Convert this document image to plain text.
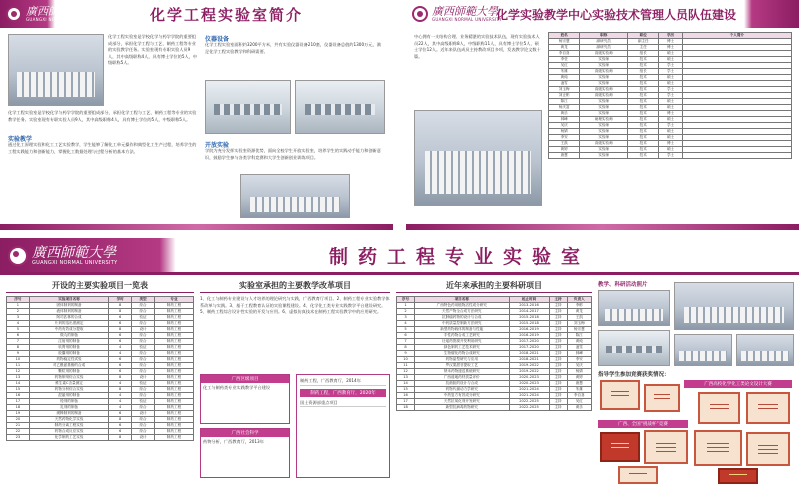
廣西師範大學
GUANGXI NORMAL UNIVERSITY	化学工程实验室简介
化学工程实验室是学校化学与药学学院的重要组成部分，承担化学工程与工艺、制药工程等专业的实验教学任务。实验室现有专职实验人员9人，其中高级职称4人，具有博士学位的5人，中级职称5人。
化学工程实验室是学校化学与药学学院的重要组成部分，承担化学工程与工艺、制药工程等专业的实验教学任务。实验室现有专职实验人员9人，其中高级职称4人，具有博士学位的5人，中级职称5人。
实验教学
通过化工原理实验和化工工艺实验教学，学生能够了解化工单元操作和典型化工生产过程，培养学生的工程实践能力和创新能力，掌握化工数据处理与过程分析的基本方法。
仪器设备
化学工程实验室面积约3200平方米，共有实验仪器设备210套，仪器设备总值约1300万元，满足化学工程实验教学和科研需要。
开放实验
学院为充分发挥实验室资源优势，面向全校学生开放实验室，培养学生的实践动手能力和创新意识，鼓励学生参与各类学科竞赛和大学生创新创业训练项目。
廣西師範大學
GUANGXI NORMAL UNIVERSITY
化学实验教学中心实验技术管理人员队伍建设
中心拥有一支结构合理、业务精湛的实验技术队伍，现有实验技术人员22人，其中高级职称8人，中级职称11人，具有博士学位5人、硕士学位12人。近年来队伍成员主持教改项目多项，发表教学论文数十篇。
姓名	职称	职位	学历	个人简介
杨宗慧	副研究员	副主任	博士	
黄龙	副研究员	主任	博士	
李自喜	高级实验师	组长	硕士	
李莹	实验师	技术	硕士	
吴红	实验师	技术	学士	
朱雄	高级实验师	组长	学士	
黄纯	实验师	技术	硕士	
凌雪	实验师	技术	硕士	
刘玉梅	高级实验师	技术	学士	
刘正彬	高级实验师	技术	学士	
陈江	实验师	技术	硕士	
杨庆富	实验师	技术	硕士	
黄乐	实验师	技术	博士	
林峰	助理实验师	技术	硕士	
吴庆	实验师	技术	学士	
杨婧	实验师	技术	硕士	
李安	实验师	技术	硕士	
王凯	高级实验师	技术	博士	
黄婷	实验师	技术	硕士	
唐慧	实验师	技术	学士	
廣西師範大學
GUANGXI NORMAL UNIVERSITY	制药工程专业实验室
开设的主要实验项目一览表
序号	实验项目名称	学时	类型	专业
1	固体制剂的制备	8	综合	制药工程
2	液体制剂的制备	8	综合	制药工程
3	阿司匹林的合成	6	验证	制药工程
4	片剂的溶出度测定	6	综合	制药工程
5	中药有效成分提取	8	设计	制药工程
6	微丸的制备	6	综合	制药工程
7	注射剂的制备	6	综合	制药工程
8	软膏剂的制备	4	验证	制药工程
9	胶囊剂的制备	4	综合	制药工程
10	药物稳定性试验	6	综合	制药工程
11	对乙酰氨基酚的合成	6	综合	制药工程
12	颗粒剂的制备	6	综合	制药工程
13	药物制剂综合实验	8	设计	制药工程
14	维生素C含量测定	4	验证	制药工程
15	药物分析综合实验	8	综合	制药工程
16	混悬剂的制备	4	综合	制药工程
17	栓剂的制备	4	验证	制药工程
18	乳剂的制备	4	综合	制药工程
19	缓释制剂的制备	6	设计	制药工程
20	天然药物化学实验	8	综合	制药工程
21	制药分离工程实验	6	综合	制药工程
22	药物合成反应实验	6	综合	制药工程
23	化学制药工艺实验	8	设计	制药工程
实验室承担的主要教学改革项目
1、化工与制药专业建设与人才培养的理论研究与实践，广西教育厅项目。2、制药工程专业实验教学体系改革与实践。3、基于工程教育认证的实验课程建设。4、化学化工类专业实践教学平台建设研究。5、制药工程综合设计性实验的开发与应用。6、虚拟仿真技术在制药工程实验教学中的应用研究。
广西区级项目
化工与制药类专业实践教学平台建设
广西社会科学
药物分析，广西教育厅，2013年
制药工程，广西教育厅，2014年
制药工程，广西教育厅，2020年
国土资源部重点项目
近年来承担的主要科研项目
序号	项目名称	起止时间	主持	负责人
1	广西特色药用植物活性成分研究	2013-2016	主持	李彬
2	天然产物全合成方法研究	2014-2017	主持	黄龙
3	抗肿瘤药物的设计与合成	2015-2018	主持	王凯
4	中药质量控制新方法研究	2015-2018	主持	刘玉梅
5	新型药物载体的制备与性能	2016-2019	主持	杨宗慧
6	手性药物合成工艺研究	2016-2019	主持	陈江
7	壮瑶药资源开发利用研究	2017-2020	主持	黄纯
8	绿色制药工艺技术研究	2017-2020	主持	凌雪
9	生物催化药物合成研究	2018-2021	主持	林峰
10	药物晶型研究与应用	2018-2021	主持	李安
11	罗汉果甜苷提取工艺	2019-2022	主持	吴庆
12	纳米药物递送系统研究	2019-2022	主持	杨婧
13	广西道地药材质量评价	2020-2023	主持	黄婷
14	抗菌肽的设计与合成	2020-2023	主持	唐慧
15	药物代谢动力学研究	2021-2024	主持	朱雄
16	中药复方有效成分研究	2021-2024	主持	李自喜
17	天然抗氧化剂开发研究	2022-2025	主持	吴红
18	新型抗病毒药物研究	2022-2025	主持	黄乐
教学、科研活动照片
指导学生参加竞赛获奖情况：
广西高校化学化工类论文设计大赛
广西、全国“挑战杯”竞赛
